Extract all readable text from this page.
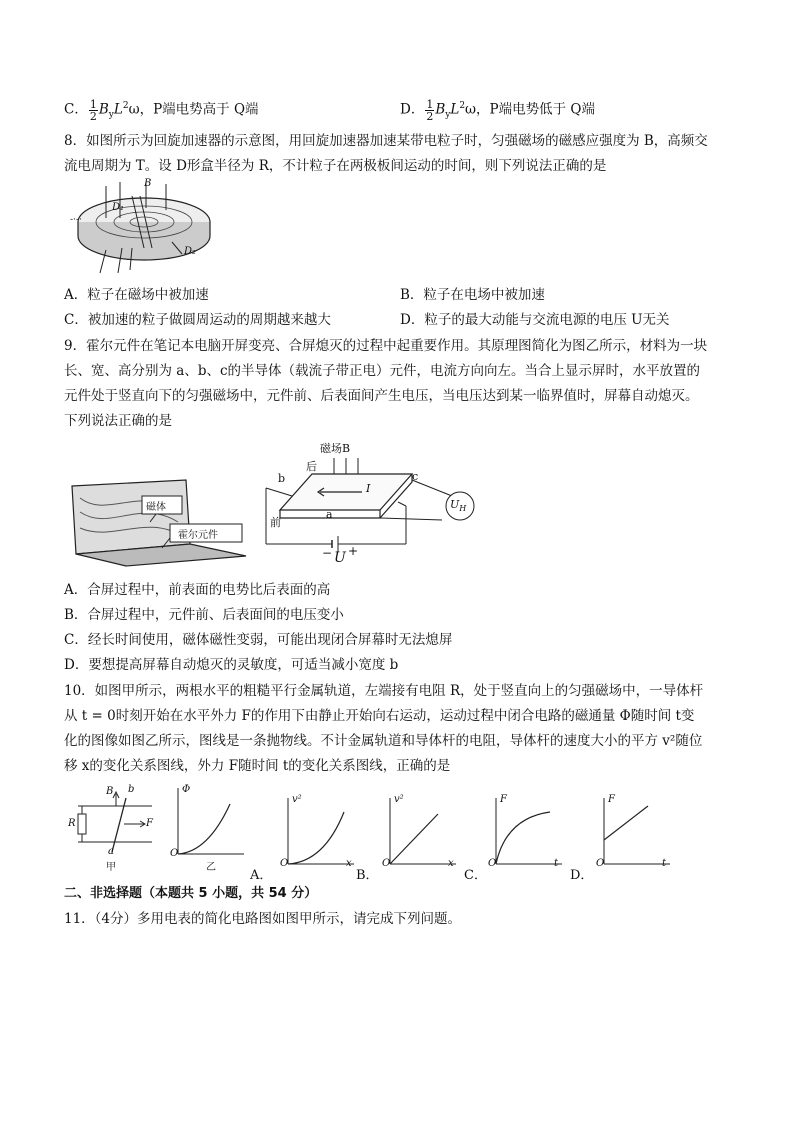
C． $\frac{1}{2} B_yL^2\omega$，P端电势高于 Q端	D． $\frac{1}{2} B_yL^2\omega$，P端电势低于 Q端
8．如图所示为回旋加速器的示意图，用回旋加速器加速某带电粒子时，匀强磁场的磁感应强度为 B，高频交
流电周期为 T。设 D形盒半径为 R，不计粒子在两极板间运动的时间，则下列说法正确的是
-·-·
B
D₁
D₂
A．粒子在磁场中被加速	B．粒子在电场中被加速
C．被加速的粒子做圆周运动的周期越来越大	D．粒子的最大动能与交流电源的电压 U无关
9．霍尔元件在笔记本电脑开屏变亮、合屏熄灭的过程中起重要作用。其原理图简化为图乙所示，材料为一块
长、宽、高分别为 a、b、c的半导体（载流子带正电）元件，电流方向向左。当合上显示屏时，水平放置的
元件处于竖直向下的匀强磁场中，元件前、后表面间产生电压，当电压达到某一临界值时，屏幕自动熄灭。
下列说法正确的是
磁体
霍尔元件
磁场B
后
前
b
a
c
I
$U_H$
− U +
A．合屏过程中，前表面的电势比后表面的高
B．合屏过程中，元件前、后表面间的电压变小
C．经长时间使用，磁体磁性变弱，可能出现闭合屏幕时无法熄屏
D．要想提高屏幕自动熄灭的灵敏度，可适当减小宽度 b
10．如图甲所示，两根水平的粗糙平行金属轨道，左端接有电阻 R，处于竖直向上的匀强磁场中，一导体杆
从 t = 0时刻开始在水平外力 F的作用下由静止开始向右运动，运动过程中闭合电路的磁通量 Φ随时间 t变
化的图像如图乙所示，图线是一条抛物线。不计金属轨道和导体杆的电阻，导体杆的速度大小的平方 v²随位
移 x的变化关系图线，外力 F随时间 t的变化关系图线，正确的是
R
B b
a
F
甲
Φ
O
乙
A．
v²
O	x
B．
v²
O	x
C．
F
O	t
D．
F
O	t
二、非选择题（本题共 5 小题，共 54 分）
11．（4分）多用电表的简化电路图如图甲所示，请完成下列问题。
